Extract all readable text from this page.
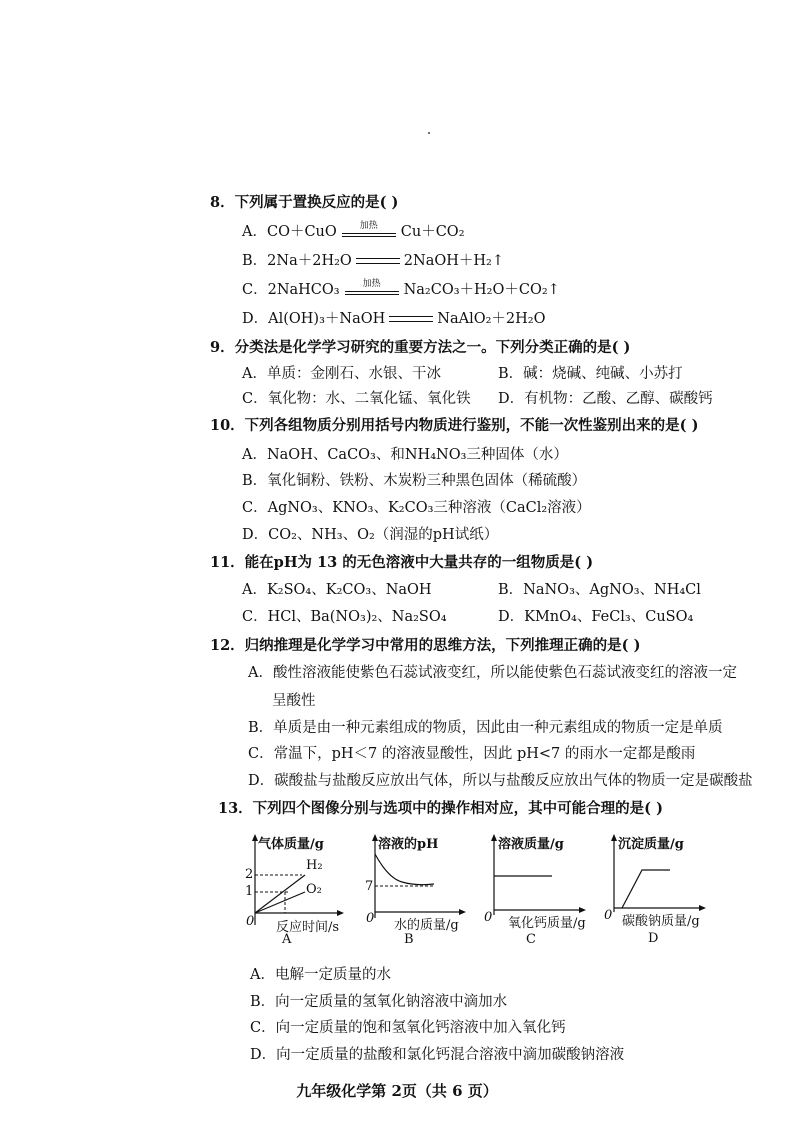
8．下列属于置换反应的是( )
A．CO＋CuO	加热	Cu＋CO₂
B．2Na＋2H₂O	2NaOH＋H₂↑
C．2NaHCO₃	加热	Na₂CO₃＋H₂O＋CO₂↑
D．Al(OH)₃＋NaOH	NaAlO₂＋2H₂O
9．分类法是化学学习研究的重要方法之一。下列分类正确的是( )
A．单质：金刚石、水银、干冰	B．碱：烧碱、纯碱、小苏打
C．氧化物：水、二氧化锰、氧化铁 D．有机物：乙酸、乙醇、碳酸钙
10．下列各组物质分别用括号内物质进行鉴别，不能一次性鉴别出来的是( )
A．NaOH、CaCO₃、和NH₄NO₃三种固体（水）
B．氧化铜粉、铁粉、木炭粉三种黑色固体（稀硫酸）
C．AgNO₃、KNO₃、K₂CO₃三种溶液（CaCl₂溶液）
D．CO₂、NH₃、O₂（润湿的pH试纸）
11．能在pH为 13 的无色溶液中大量共存的一组物质是( )
A．K₂SO₄、K₂CO₃、NaOH	B．NaNO₃、AgNO₃、NH₄Cl
C．HCl、Ba(NO₃)₂、Na₂SO₄	D．KMnO₄、FeCl₃、CuSO₄
12．归纳推理是化学学习中常用的思维方法，下列推理正确的是( )
A．酸性溶液能使紫色石蕊试液变红，所以能使紫色石蕊试液变红的溶液一定
呈酸性
B．单质是由一种元素组成的物质，因此由一种元素组成的物质一定是单质
C．常温下，pH＜7 的溶液显酸性，因此 pH<7 的雨水一定都是酸雨
D．碳酸盐与盐酸反应放出气体，所以与盐酸反应放出气体的物质一定是碳酸盐
13．下列四个图像分别与选项中的操作相对应，其中可能合理的是( )
气体质量/g
H₂
O₂
2
1
0 反应时间/s
A
溶液的pH
7
0 水的质量/g
B
溶液质量/g
0 氧化钙质量/g
C
沉淀质量/g
0 碳酸钠质量/g
D
A．电解一定质量的水
B．向一定质量的氢氧化钠溶液中滴加水
C．向一定质量的饱和氢氧化钙溶液中加入氧化钙
D．向一定质量的盐酸和氯化钙混合溶液中滴加碳酸钠溶液
九年级化学第 2页（共 6 页）
